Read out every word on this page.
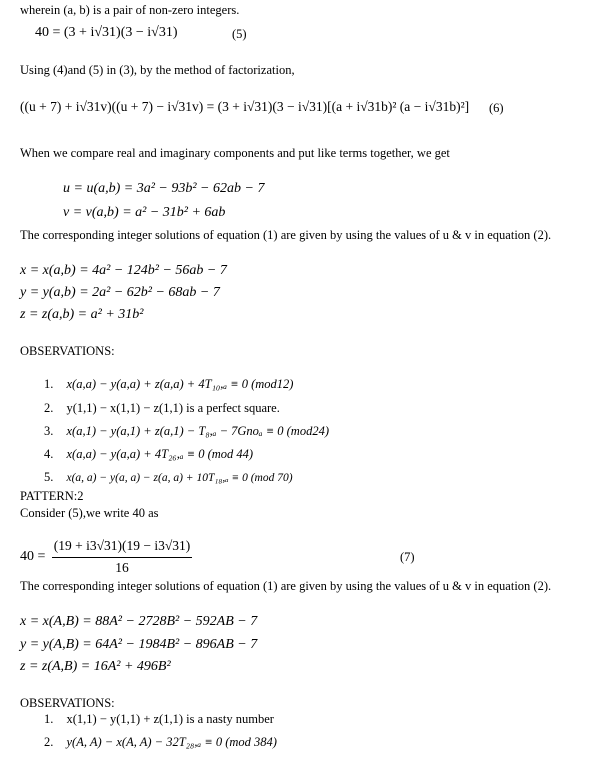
wherein (a, b) is a pair of non-zero integers.
40 = (3 + i√31)(3 − i√31)	(5)
Using (4)and (5) in (3), by the method of factorization,
((u + 7) + i√31v)((u + 7) − i√31v) = (3 + i√31)(3 − i√31)[(a + i√31b)² (a − i√31b)²] (6)
When we compare real and imaginary components and put like terms together, we get
u = u(a,b) = 3a² − 93b² − 62ab − 7
v = v(a,b) = a² − 31b² + 6ab
The corresponding integer solutions of equation (1) are given by using the values of u & v in equation (2).
x = x(a,b) = 4a² − 124b² − 56ab − 7
y = y(a,b) = 2a² − 62b² − 68ab − 7
z = z(a,b) = a² + 31b²
OBSERVATIONS:
1. x(a,a) − y(a,a) + z(a,a) + 4T₁₀,ₐ ≡ 0 (mod12)
2. y(1,1) − x(1,1) − z(1,1) is a perfect square.
3. x(a,1) − y(a,1) + z(a,1) − T₈,ₐ − 7Gnoₐ ≡ 0 (mod24)
4. x(a,a) − y(a,a) + 4T₂₆,ₐ ≡ 0 (mod 44)
5. x(a, a) − y(a, a) − z(a, a) + 10T₁₈,ₐ ≡ 0 (mod 70)
PATTERN:2
Consider (5),we write 40 as
40 =
(19 + i3√31)(19 − i3√31)
16
(7)
The corresponding integer solutions of equation (1) are given by using the values of u & v in equation (2).
x = x(A,B) = 88A² − 2728B² − 592AB − 7
y = y(A,B) = 64A² − 1984B² − 896AB − 7
z = z(A,B) = 16A² + 496B²
OBSERVATIONS:
1. x(1,1) − y(1,1) + z(1,1) is a nasty number
2. y(A, A) − x(A, A) − 32T₂₈,ₐ ≡ 0 (mod 384)
